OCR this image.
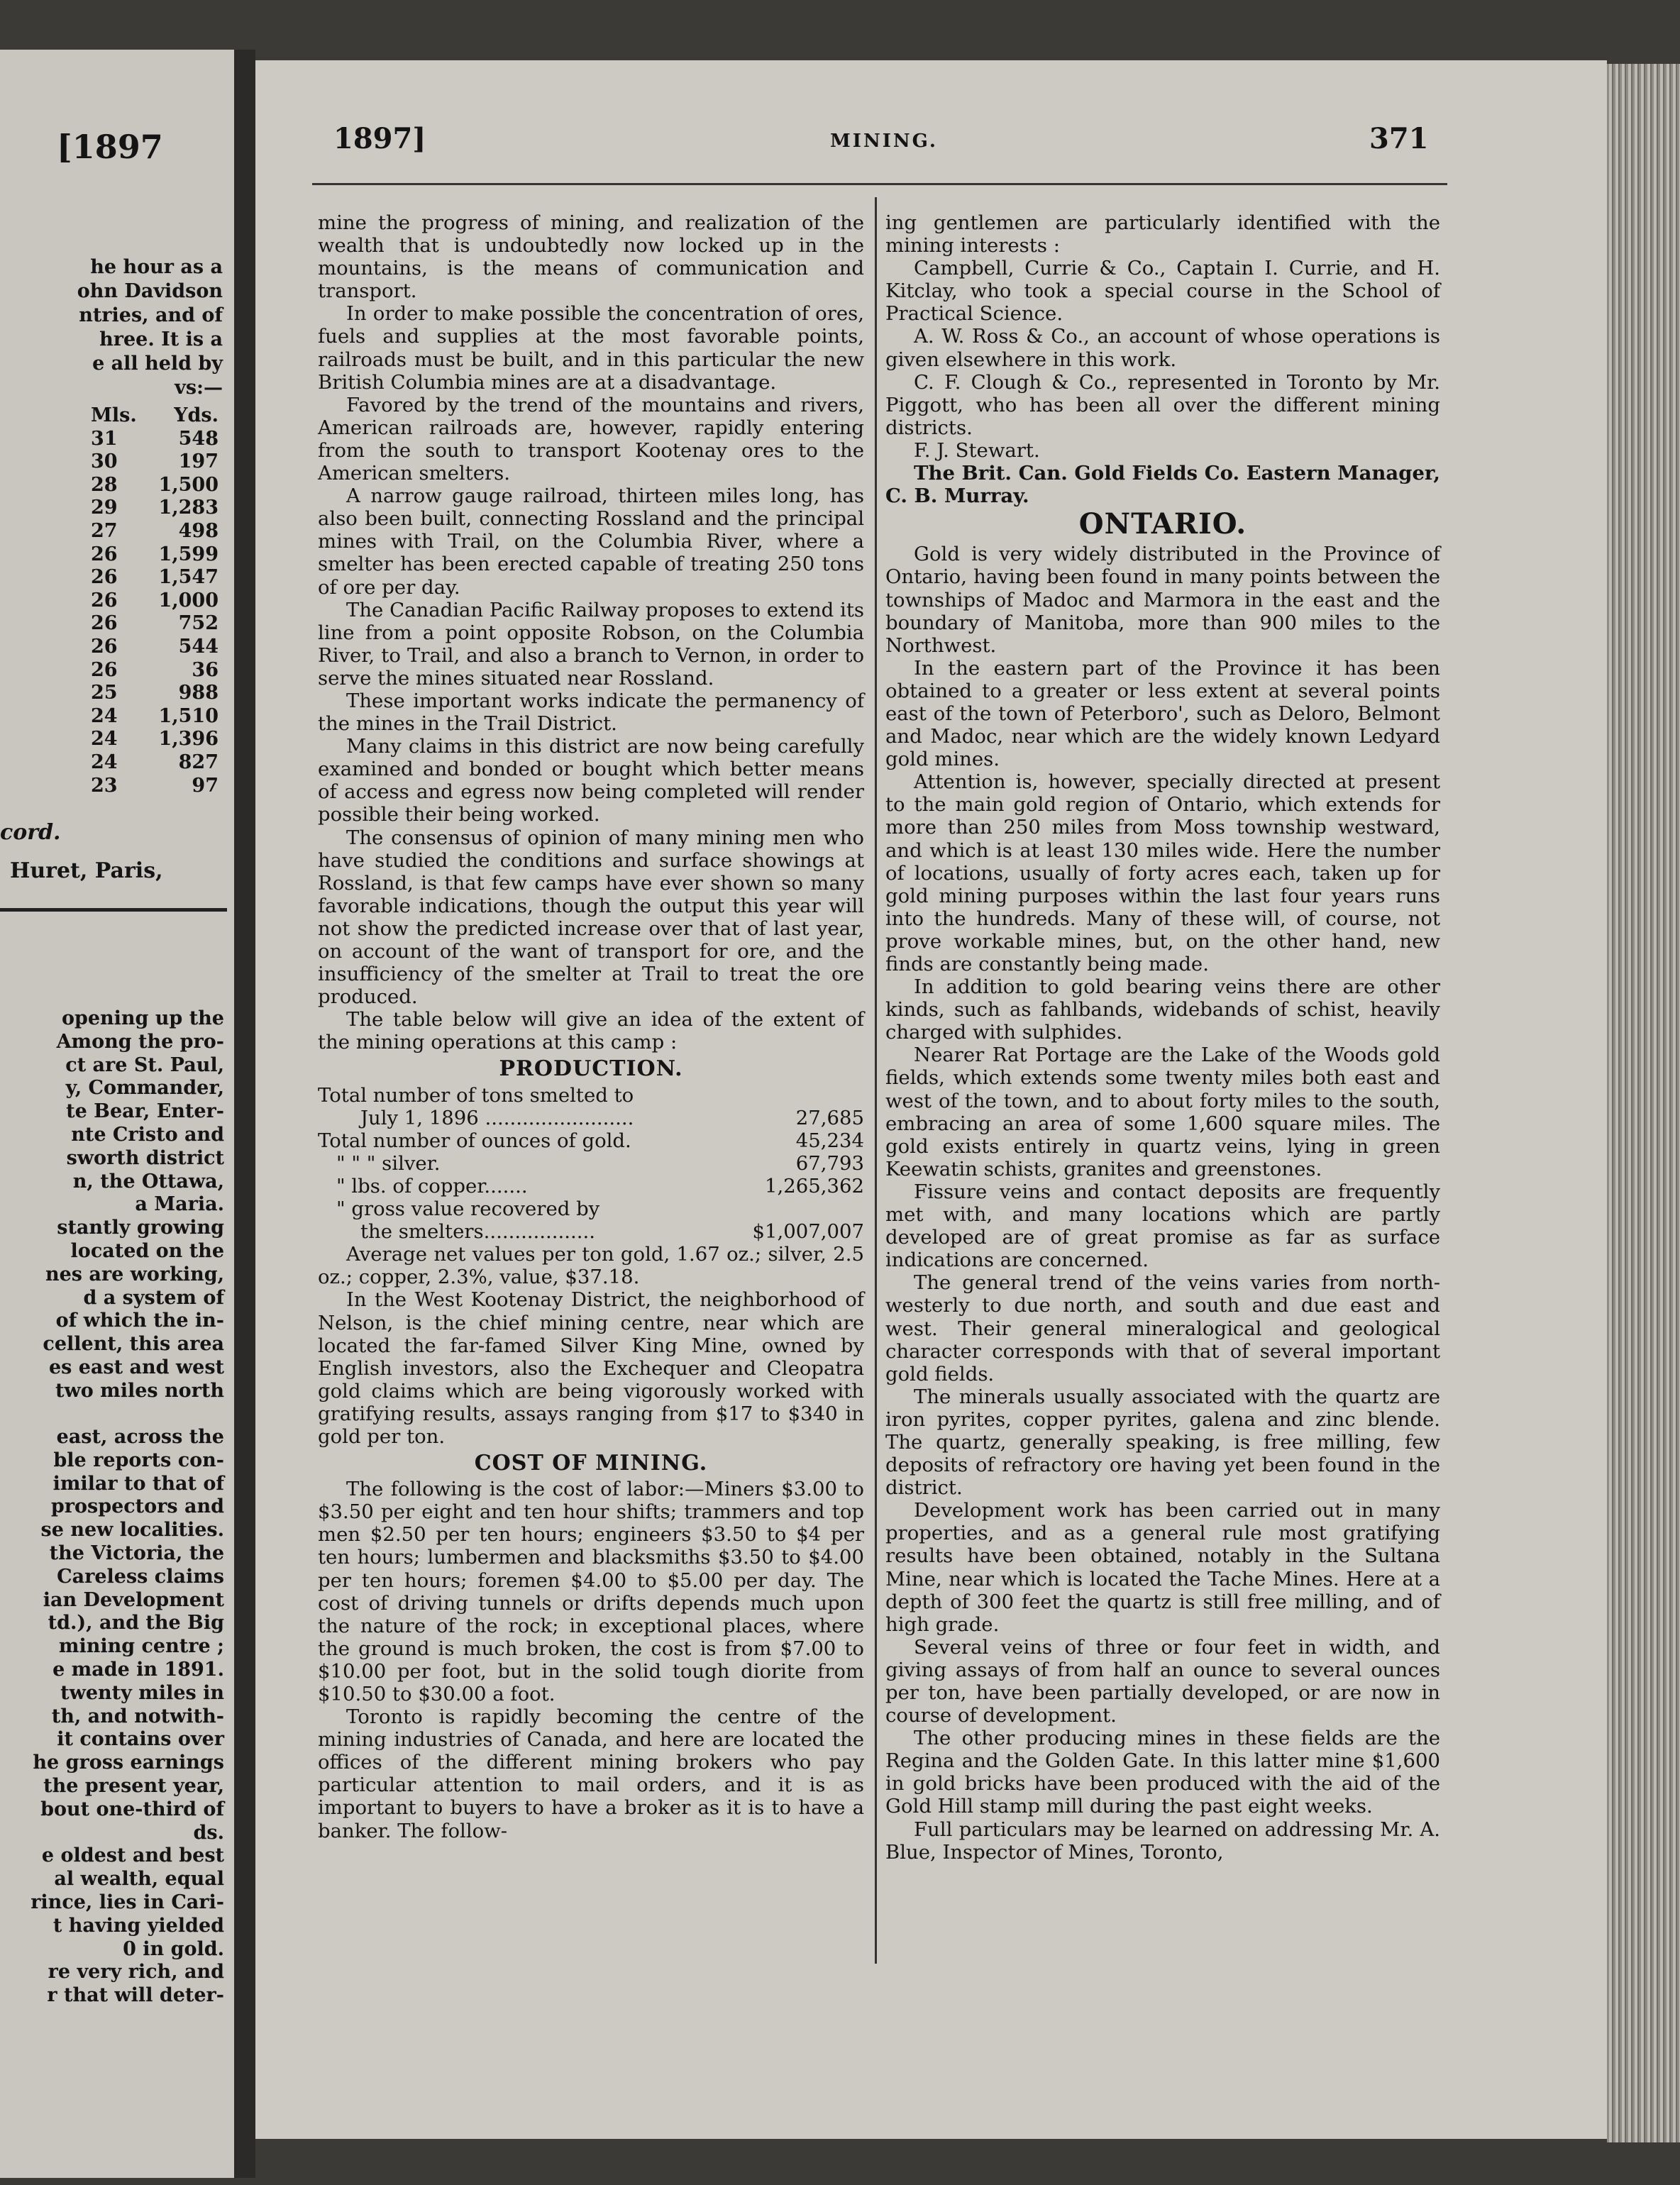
[1897

he hour as a

ohn Davidson

ntries, and of

hree. It is a

e all held by

vs:—

Mls.	Yds.
31	548
30	197
28	1,500
29	1,283
27	498
26	1,599
26	1,547
26	1,000
26	752
26	544
26	36
25	988
24	1,510
24	1,396
24	827
23	97
cord.
Huret, Paris,

opening up the

Among the pro-

ct are St. Paul,

y, Commander,

te Bear, Enter-

nte Cristo and

sworth district

n, the Ottawa,

a Maria.

stantly growing

located on the

nes are working,

d a system of

of which the in-

cellent, this area

es east and west

two miles north

east, across the

ble reports con-

imilar to that of

prospectors and

se new localities.

the Victoria, the

Careless claims

ian Development

td.), and the Big

mining centre ;

e made in 1891.

twenty miles in

th, and notwith-

it contains over

he gross earnings

the present year,

bout one-third of

ds.

e oldest and best

al wealth, equal

rince, lies in Cari-

t having yielded

0 in gold.

re very rich, and

r that will deter-

1897]	MINING.	371

mine the progress of mining, and realization of the wealth that is undoubtedly now locked up in the mountains, is the means of communication and transport.

In order to make possible the concentration of ores, fuels and supplies at the most favorable points, railroads must be built, and in this particular the new British Columbia mines are at a disadvantage.

Favored by the trend of the mountains and rivers, American railroads are, however, rapidly entering from the south to transport Kootenay ores to the American smelters.

A narrow gauge railroad, thirteen miles long, has also been built, connecting Rossland and the principal mines with Trail, on the Columbia River, where a smelter has been erected capable of treating 250 tons of ore per day.

The Canadian Pacific Railway proposes to extend its line from a point opposite Robson, on the Columbia River, to Trail, and also a branch to Vernon, in order to serve the mines situated near Rossland.

These important works indicate the permanency of the mines in the Trail District.

Many claims in this district are now being carefully examined and bonded or bought which better means of access and egress now being completed will render possible their being worked.

The consensus of opinion of many mining men who have studied the conditions and surface showings at Rossland, is that few camps have ever shown so many favorable indications, though the output this year will not show the predicted increase over that of last year, on account of the want of transport for ore, and the insufficiency of the smelter at Trail to treat the ore produced.

The table below will give an idea of the extent of the mining operations at this camp :

PRODUCTION.
Total number of tons smelted to
July 1, 1896 ........................	27,685
Total number of ounces of gold.	45,234
" " " silver.	67,793
" lbs. of copper.......	1,265,362
" gross value recovered by
the smelters..................	$1,007,007

Average net values per ton gold, 1.67 oz.; silver, 2.5 oz.; copper, 2.3%, value, $37.18.

In the West Kootenay District, the neighborhood of Nelson, is the chief mining centre, near which are located the far-famed Silver King Mine, owned by English investors, also the Exchequer and Cleopatra gold claims which are being vigorously worked with gratifying results, assays ranging from $17 to $340 in gold per ton.

COST OF MINING.

The following is the cost of labor:—Miners $3.00 to $3.50 per eight and ten hour shifts; trammers and top men $2.50 per ten hours; engineers $3.50 to $4 per ten hours; lumbermen and blacksmiths $3.50 to $4.00 per ten hours; foremen $4.00 to $5.00 per day. The cost of driving tunnels or drifts depends much upon the nature of the rock; in exceptional places, where the ground is much broken, the cost is from $7.00 to $10.00 per foot, but in the solid tough diorite from $10.50 to $30.00 a foot.

Toronto is rapidly becoming the centre of the mining industries of Canada, and here are located the offices of the different mining brokers who pay particular attention to mail orders, and it is as important to buyers to have a broker as it is to have a banker. The follow-

ing gentlemen are particularly identified with the mining interests :

Campbell, Currie & Co., Captain I. Currie, and H. Kitclay, who took a special course in the School of Practical Science.

A. W. Ross & Co., an account of whose operations is given elsewhere in this work.

C. F. Clough & Co., represented in Toronto by Mr. Piggott, who has been all over the different mining districts.

F. J. Stewart.

The Brit. Can. Gold Fields Co. Eastern Manager, C. B. Murray.

ONTARIO.

Gold is very widely distributed in the Province of Ontario, having been found in many points between the townships of Madoc and Marmora in the east and the boundary of Manitoba, more than 900 miles to the Northwest.

In the eastern part of the Province it has been obtained to a greater or less extent at several points east of the town of Peterboro', such as Deloro, Belmont and Madoc, near which are the widely known Ledyard gold mines.

Attention is, however, specially directed at present to the main gold region of Ontario, which extends for more than 250 miles from Moss township westward, and which is at least 130 miles wide. Here the number of locations, usually of forty acres each, taken up for gold mining purposes within the last four years runs into the hundreds. Many of these will, of course, not prove workable mines, but, on the other hand, new finds are constantly being made.

In addition to gold bearing veins there are other kinds, such as fahlbands, widebands of schist, heavily charged with sulphides.

Nearer Rat Portage are the Lake of the Woods gold fields, which extends some twenty miles both east and west of the town, and to about forty miles to the south, embracing an area of some 1,600 square miles. The gold exists entirely in quartz veins, lying in green Keewatin schists, granites and greenstones.

Fissure veins and contact deposits are frequently met with, and many locations which are partly developed are of great promise as far as surface indications are concerned.

The general trend of the veins varies from north-westerly to due north, and south and due east and west. Their general mineralogical and geological character corresponds with that of several important gold fields.

The minerals usually associated with the quartz are iron pyrites, copper pyrites, galena and zinc blende. The quartz, generally speaking, is free milling, few deposits of refractory ore having yet been found in the district.

Development work has been carried out in many properties, and as a general rule most gratifying results have been obtained, notably in the Sultana Mine, near which is located the Tache Mines. Here at a depth of 300 feet the quartz is still free milling, and of high grade.

Several veins of three or four feet in width, and giving assays of from half an ounce to several ounces per ton, have been partially developed, or are now in course of development.

The other producing mines in these fields are the Regina and the Golden Gate. In this latter mine $1,600 in gold bricks have been produced with the aid of the Gold Hill stamp mill during the past eight weeks.

Full particulars may be learned on addressing Mr. A. Blue, Inspector of Mines, Toronto,
